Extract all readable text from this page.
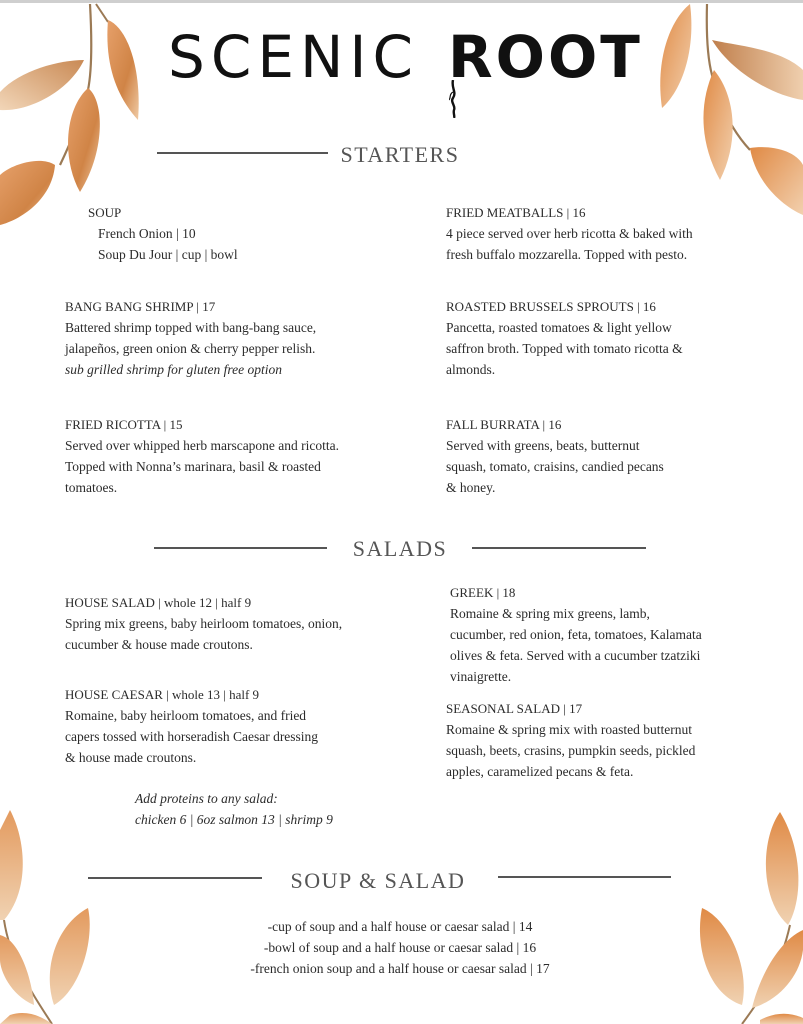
SCENIC ROOT
STARTERS
SOUP
French Onion | 10
Soup Du Jour | cup | bowl
BANG BANG SHRIMP | 17
Battered shrimp topped with bang-bang sauce,
jalapeños, green onion & cherry pepper relish.
sub grilled shrimp for gluten free option
FRIED RICOTTA | 15
Served over whipped herb marscapone and ricotta.
Topped with Nonna’s marinara, basil & roasted
tomatoes.
FRIED MEATBALLS | 16
4 piece served over herb ricotta & baked with
fresh buffalo mozzarella. Topped with pesto.
ROASTED BRUSSELS SPROUTS | 16
Pancetta, roasted tomatoes & light yellow
saffron broth. Topped with tomato ricotta &
almonds.
FALL BURRATA | 16
Served with greens, beats, butternut
squash, tomato, craisins, candied pecans
& honey.
SALADS
HOUSE SALAD | whole 12 | half 9
Spring mix greens, baby heirloom tomatoes, onion,
cucumber & house made croutons.
HOUSE CAESAR | whole 13 | half 9
Romaine, baby heirloom tomatoes, and fried
capers tossed with horseradish Caesar dressing
& house made croutons.
Add proteins to any salad:
chicken 6 | 6oz salmon 13 | shrimp 9
GREEK | 18
Romaine & spring mix greens, lamb,
cucumber, red onion, feta, tomatoes, Kalamata
olives & feta. Served with a cucumber tzatziki
vinaigrette.
SEASONAL SALAD | 17
Romaine & spring mix with roasted butternut
squash, beets, crasins, pumpkin seeds, pickled
apples, caramelized pecans & feta.
SOUP & SALAD
-cup of soup and a half house or caesar salad | 14
-bowl of soup and a half house or caesar salad | 16
-french onion soup and a half house or caesar salad | 17
